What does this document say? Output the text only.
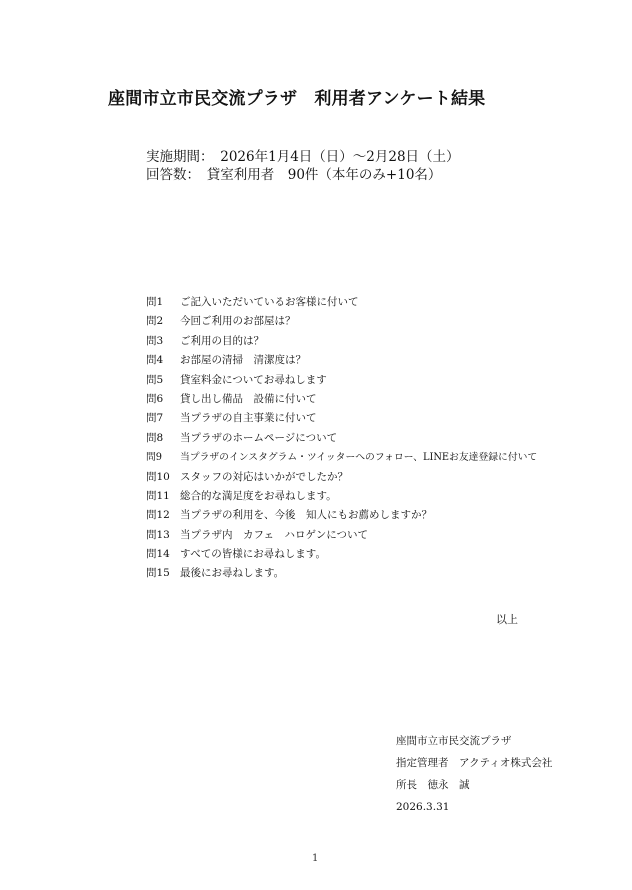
座間市立市民交流プラザ　利用者アンケート結果
実施期間：　2026年1月4日（日）～2月28日（土）
回答数：　貸室利用者　90件（本年のみ+10名）
問1	ご記入いただいているお客様に付いて
問2	今回ご利用のお部屋は？
問3	ご利用の目的は？
問4	お部屋の清掃　清潔度は？
問5	貸室料金についてお尋ねします
問6	貸し出し備品　設備に付いて
問7	当プラザの自主事業に付いて
問8	当プラザのホームページについて
問9	当プラザのインスタグラム・ツイッターへのフォロー、LINEお友達登録に付いて
問10 スタッフの対応はいかがでしたか？
問11 総合的な満足度をお尋ねします。
問12 当プラザの利用を、今後　知人にもお薦めしますか？
問13 当プラザ内　カフェ　ハロゲンについて
問14 すべての皆様にお尋ねします。
問15 最後にお尋ねします。
以上
座間市立市民交流プラザ
指定管理者　アクティオ株式会社
所長　徳永　誠
2026.3.31
1
